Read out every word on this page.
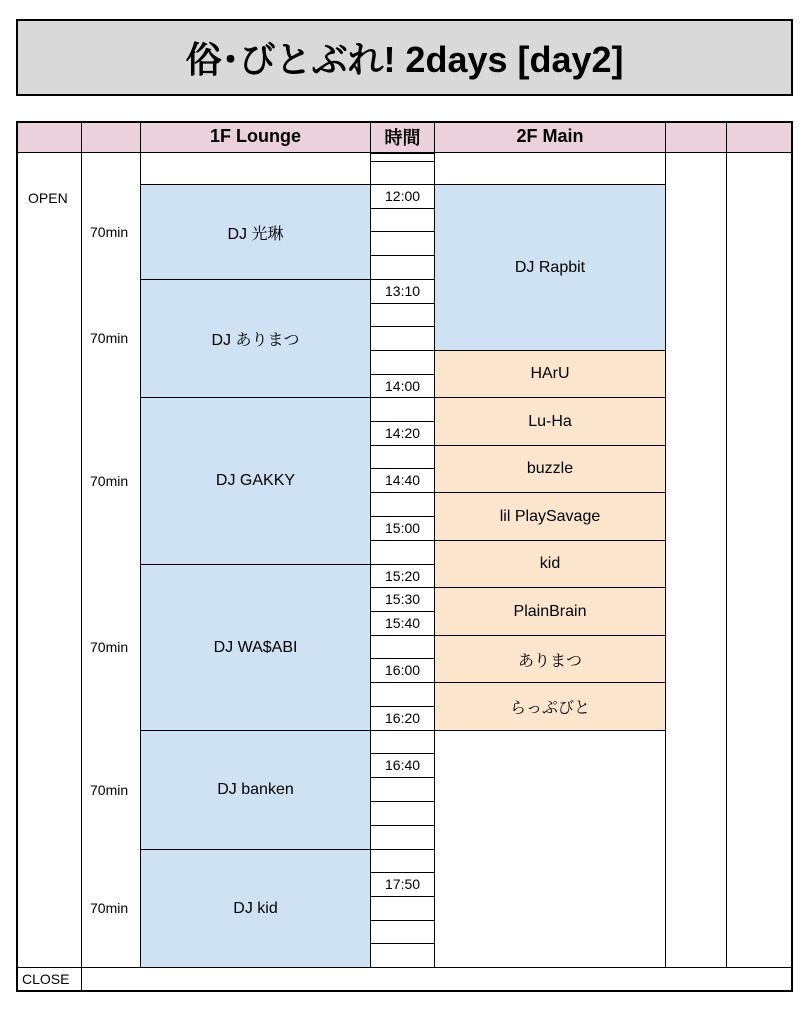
俗･びとぶれ! 2days [day2]
1F Lounge	時間	2F Main
DJ 光琳
70min
DJ ありまつ
70min
DJ GAKKY
70min
DJ WA$ABI
70min
DJ banken
70min
DJ kid
70min
12:00
13:10
14:00
14:20
14:40
15:00
15:20
15:30
15:40
16:00
16:20
16:40
17:50
DJ Rapbit
HArU
Lu-Ha
buzzle
lil PlaySavage
kid
PlainBrain
ありまつ
らっぷびと
OPEN
CLOSE
